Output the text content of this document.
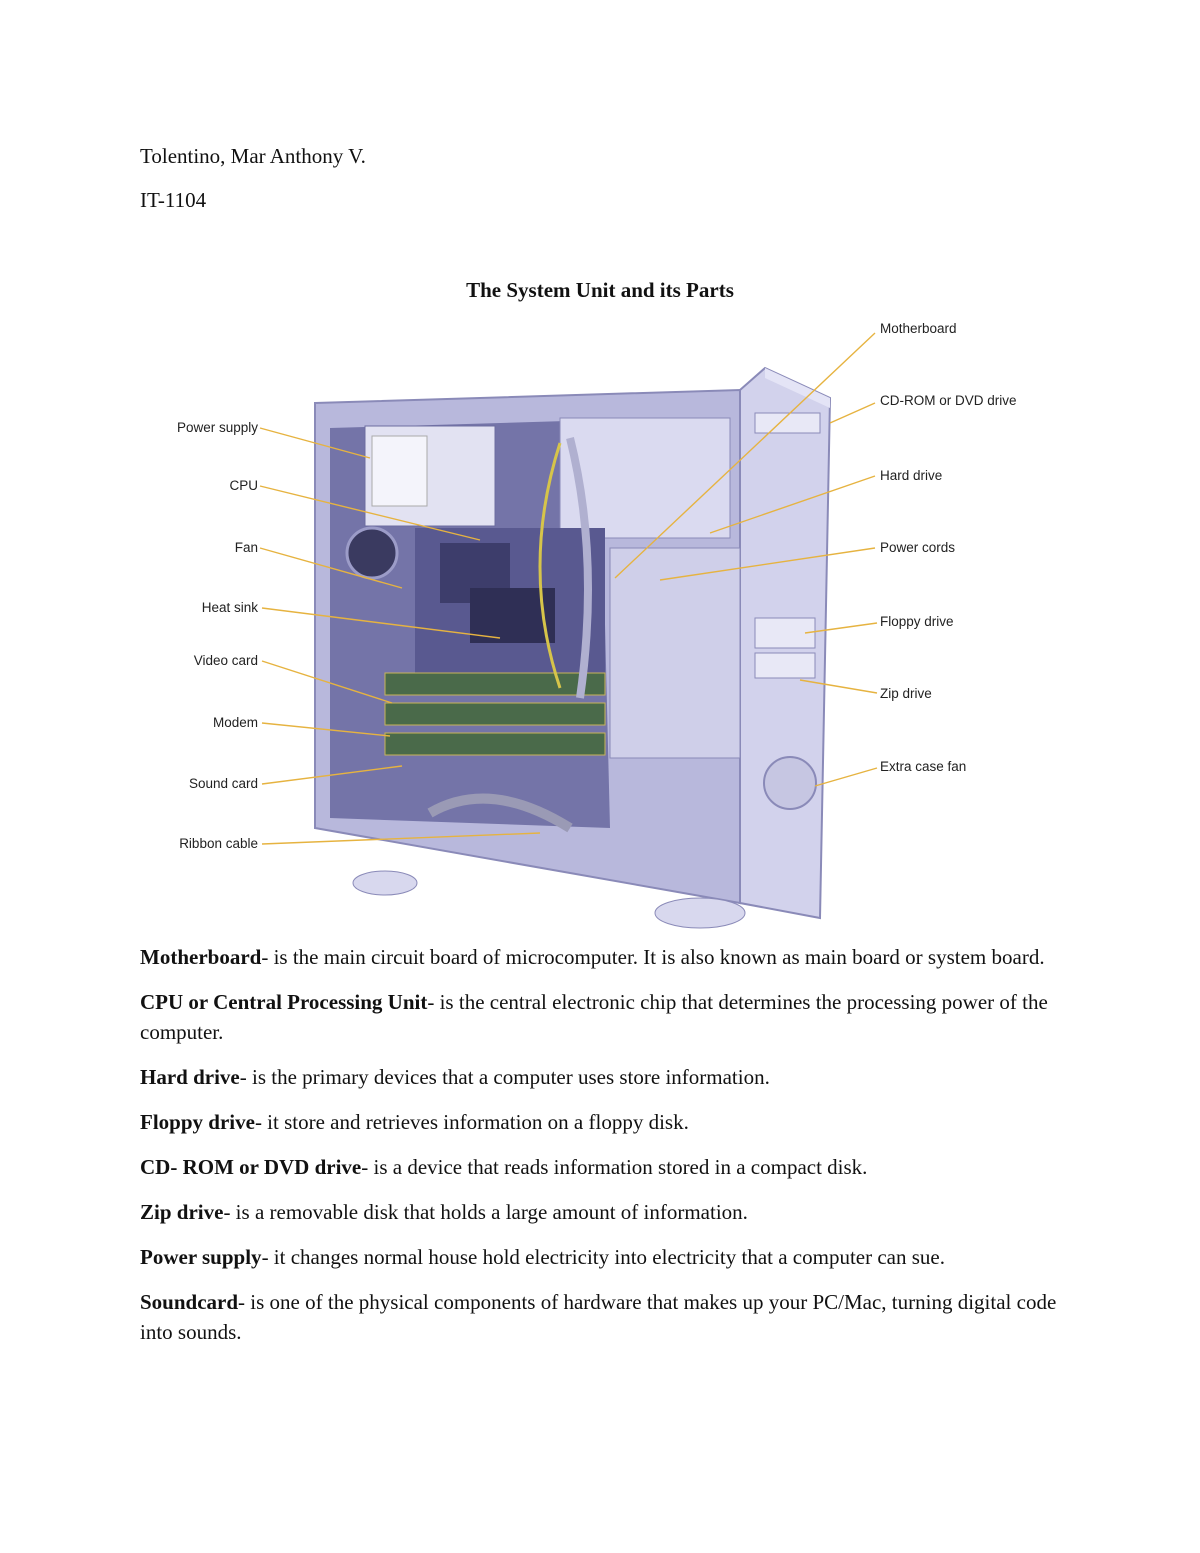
Tolentino, Mar Anthony V.

IT-1104

The System Unit and its Parts
Power supply
CPU
Fan
Heat sink
Video card
Modem
Sound card
Ribbon cable
Motherboard
CD-ROM or DVD drive
Hard drive
Power cords
Floppy drive
Zip drive
Extra case fan
Motherboard- is the main circuit board of microcomputer. It is also known as main board or system board.
CPU or Central Processing Unit- is the central electronic chip that determines the processing power of the computer.
Hard drive- is the primary devices that a computer uses store information.
Floppy drive- it store and retrieves information on a floppy disk.
CD- ROM or DVD drive- is a device that reads information stored in a compact disk.
Zip drive- is a removable disk that holds a large amount of information.
Power supply- it changes normal house hold electricity into electricity that a computer can sue.
Soundcard- is one of the physical components of hardware that makes up your PC/Mac, turning digital code into sounds.
